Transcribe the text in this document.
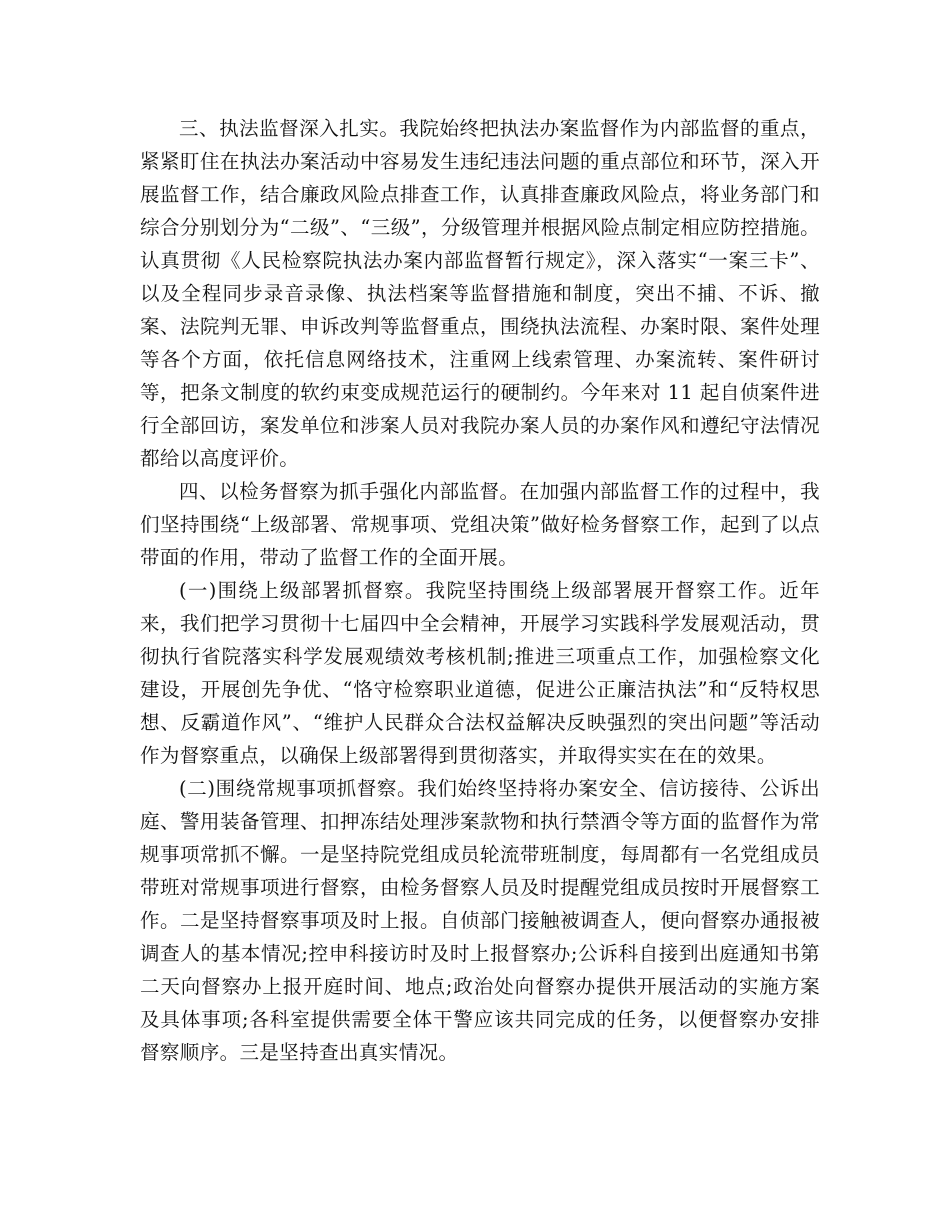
三、执法监督深入扎实。我院始终把执法办案监督作为内部监督的重点，紧紧盯住在执法办案活动中容易发生违纪违法问题的重点部位和环节，深入开展监督工作，结合廉政风险点排查工作，认真排查廉政风险点，将业务部门和综合分别划分为“二级”、“三级”，分级管理并根据风险点制定相应防控措施。认真贯彻《人民检察院执法办案内部监督暂行规定》，深入落实“一案三卡”、以及全程同步录音录像、执法档案等监督措施和制度，突出不捕、不诉、撤案、法院判无罪、申诉改判等监督重点，围绕执法流程、办案时限、案件处理等各个方面，依托信息网络技术，注重网上线索管理、办案流转、案件研讨等，把条文制度的软约束变成规范运行的硬制约。今年来对 11 起自侦案件进行全部回访，案发单位和涉案人员对我院办案人员的办案作风和遵纪守法情况都给以高度评价。

四、以检务督察为抓手强化内部监督。在加强内部监督工作的过程中，我们坚持围绕“上级部署、常规事项、党组决策”做好检务督察工作，起到了以点带面的作用，带动了监督工作的全面开展。

(一)围绕上级部署抓督察。我院坚持围绕上级部署展开督察工作。近年来，我们把学习贯彻十七届四中全会精神，开展学习实践科学发展观活动，贯彻执行省院落实科学发展观绩效考核机制;推进三项重点工作，加强检察文化建设，开展创先争优、“恪守检察职业道德，促进公正廉洁执法”和“反特权思想、反霸道作风”、“维护人民群众合法权益解决反映强烈的突出问题”等活动作为督察重点，以确保上级部署得到贯彻落实，并取得实实在在的效果。

(二)围绕常规事项抓督察。我们始终坚持将办案安全、信访接待、公诉出庭、警用装备管理、扣押冻结处理涉案款物和执行禁酒令等方面的监督作为常规事项常抓不懈。一是坚持院党组成员轮流带班制度，每周都有一名党组成员带班对常规事项进行督察，由检务督察人员及时提醒党组成员按时开展督察工作。二是坚持督察事项及时上报。自侦部门接触被调查人，便向督察办通报被调查人的基本情况;控申科接访时及时上报督察办;公诉科自接到出庭通知书第二天向督察办上报开庭时间、地点;政治处向督察办提供开展活动的实施方案及具体事项;各科室提供需要全体干警应该共同完成的任务，以便督察办安排督察顺序。三是坚持查出真实情况。
